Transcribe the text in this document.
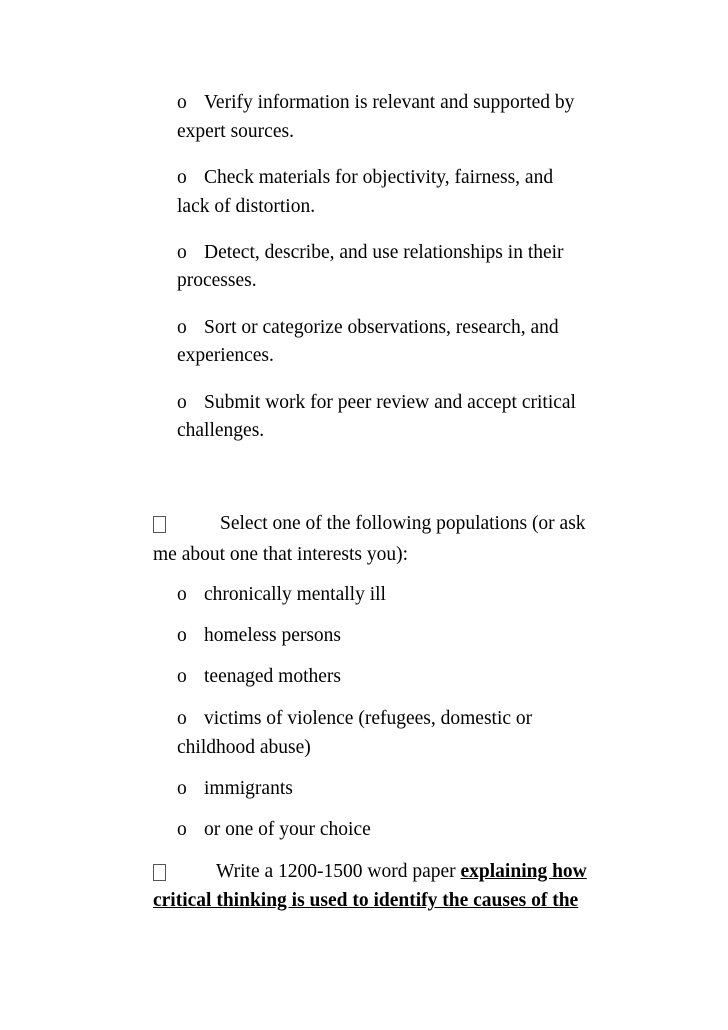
o Verify information is relevant and supported by
expert sources.
o Check materials for objectivity, fairness, and
lack of distortion.
o Detect, describe, and use relationships in their
processes.
o Sort or categorize observations, research, and
experiences.
o Submit work for peer review and accept critical
challenges.
Select one of the following populations (or ask
me about one that interests you):
o chronically mentally ill
o homeless persons
o teenaged mothers
o victims of violence (refugees, domestic or
childhood abuse)
o immigrants
o or one of your choice
Write a 1200-1500 word paper explaining how
critical thinking is used to identify the causes of the
